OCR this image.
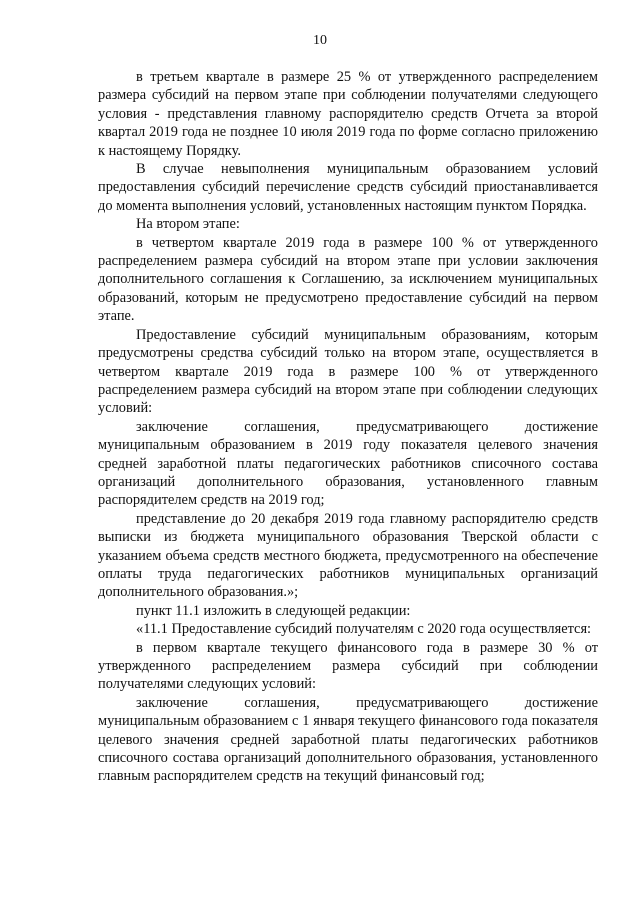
10

в третьем квартале в размере 25 % от утвержденного распределением размера субсидий на первом этапе при соблюдении получателями следующего условия - представления главному распорядителю средств Отчета за второй квартал 2019 года не позднее 10 июля 2019 года по форме согласно приложению к настоящему Порядку.

В случае невыполнения муниципальным образованием условий предоставления субсидий перечисление средств субсидий приостанавливается до момента выполнения условий, установленных настоящим пунктом Порядка.

На втором этапе:

в четвертом квартале 2019 года в размере 100 % от утвержденного распределением размера субсидий на втором этапе при условии заключения дополнительного соглашения к Соглашению, за исключением муниципальных образований, которым не предусмотрено предоставление субсидий на первом этапе.

Предоставление субсидий муниципальным образованиям, которым предусмотрены средства субсидий только на втором этапе, осуществляется в четвертом квартале 2019 года в размере 100 % от утвержденного распределением размера субсидий на втором этапе при соблюдении следующих условий:

заключение соглашения, предусматривающего достижение муниципальным образованием в 2019 году показателя целевого значения средней заработной платы педагогических работников списочного состава организаций дополнительного образования, установленного главным распорядителем средств на 2019 год;

представление до 20 декабря 2019 года главному распорядителю средств выписки из бюджета муниципального образования Тверской области с указанием объема средств местного бюджета, предусмотренного на обеспечение оплаты труда педагогических работников муниципальных организаций дополнительного образования.»;

пункт 11.1 изложить в следующей редакции:

«11.1 Предоставление субсидий получателям с 2020 года осуществляется:

в первом квартале текущего финансового года в размере 30 % от утвержденного распределением размера субсидий при соблюдении получателями следующих условий:

заключение соглашения, предусматривающего достижение муниципальным образованием с 1 января текущего финансового года показателя целевого значения средней заработной платы педагогических работников списочного состава организаций дополнительного образования, установленного главным распорядителем средств на текущий финансовый год;
